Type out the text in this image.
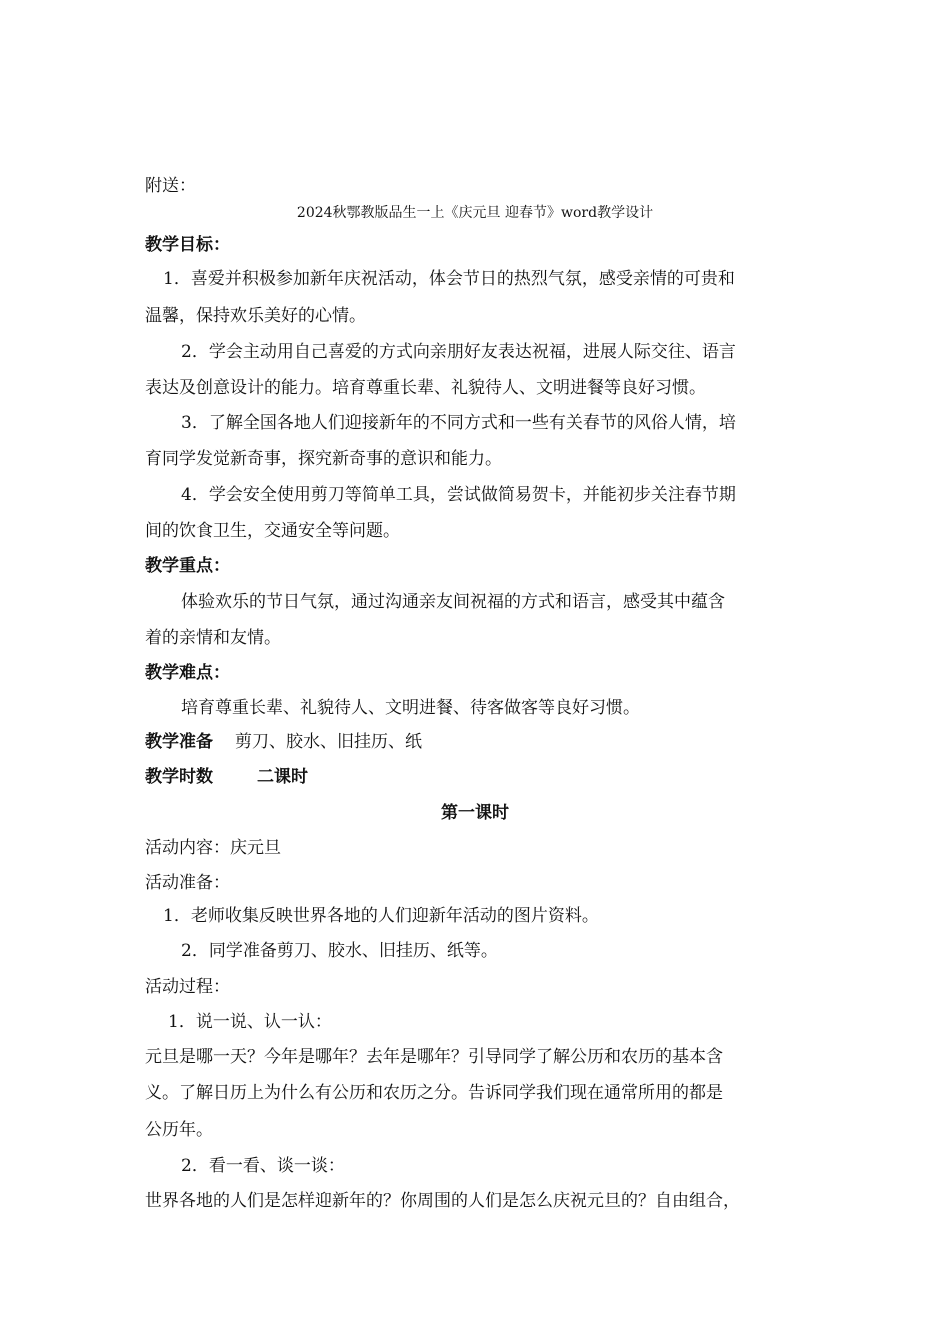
附送：
2024秋鄂教版品生一上《庆元旦 迎春节》word教学设计
教学目标：
1．喜爱并积极参加新年庆祝活动，体会节日的热烈气氛，感受亲情的可贵和
温馨，保持欢乐美好的心情。
2．学会主动用自己喜爱的方式向亲朋好友表达祝福，进展人际交往、语言
表达及创意设计的能力。培育尊重长辈、礼貌待人、文明进餐等良好习惯。
3．了解全国各地人们迎接新年的不同方式和一些有关春节的风俗人情，培
育同学发觉新奇事，探究新奇事的意识和能力。
4．学会安全使用剪刀等简单工具，尝试做简易贺卡，并能初步关注春节期
间的饮食卫生，交通安全等问题。
教学重点：
体验欢乐的节日气氛，通过沟通亲友间祝福的方式和语言，感受其中蕴含
着的亲情和友情。
教学难点：
培育尊重长辈、礼貌待人、文明进餐、待客做客等良好习惯。
教学准备 剪刀、胶水、旧挂历、纸
教学时数	二课时
第一课时
活动内容：庆元旦
活动准备：
1．老师收集反映世界各地的人们迎新年活动的图片资料。
2．同学准备剪刀、胶水、旧挂历、纸等。
活动过程：
1．说一说、认一认：
元旦是哪一天？今年是哪年？去年是哪年？引导同学了解公历和农历的基本含
义。了解日历上为什么有公历和农历之分。告诉同学我们现在通常所用的都是
公历年。
2．看一看、谈一谈：
世界各地的人们是怎样迎新年的？你周围的人们是怎么庆祝元旦的？自由组合，
